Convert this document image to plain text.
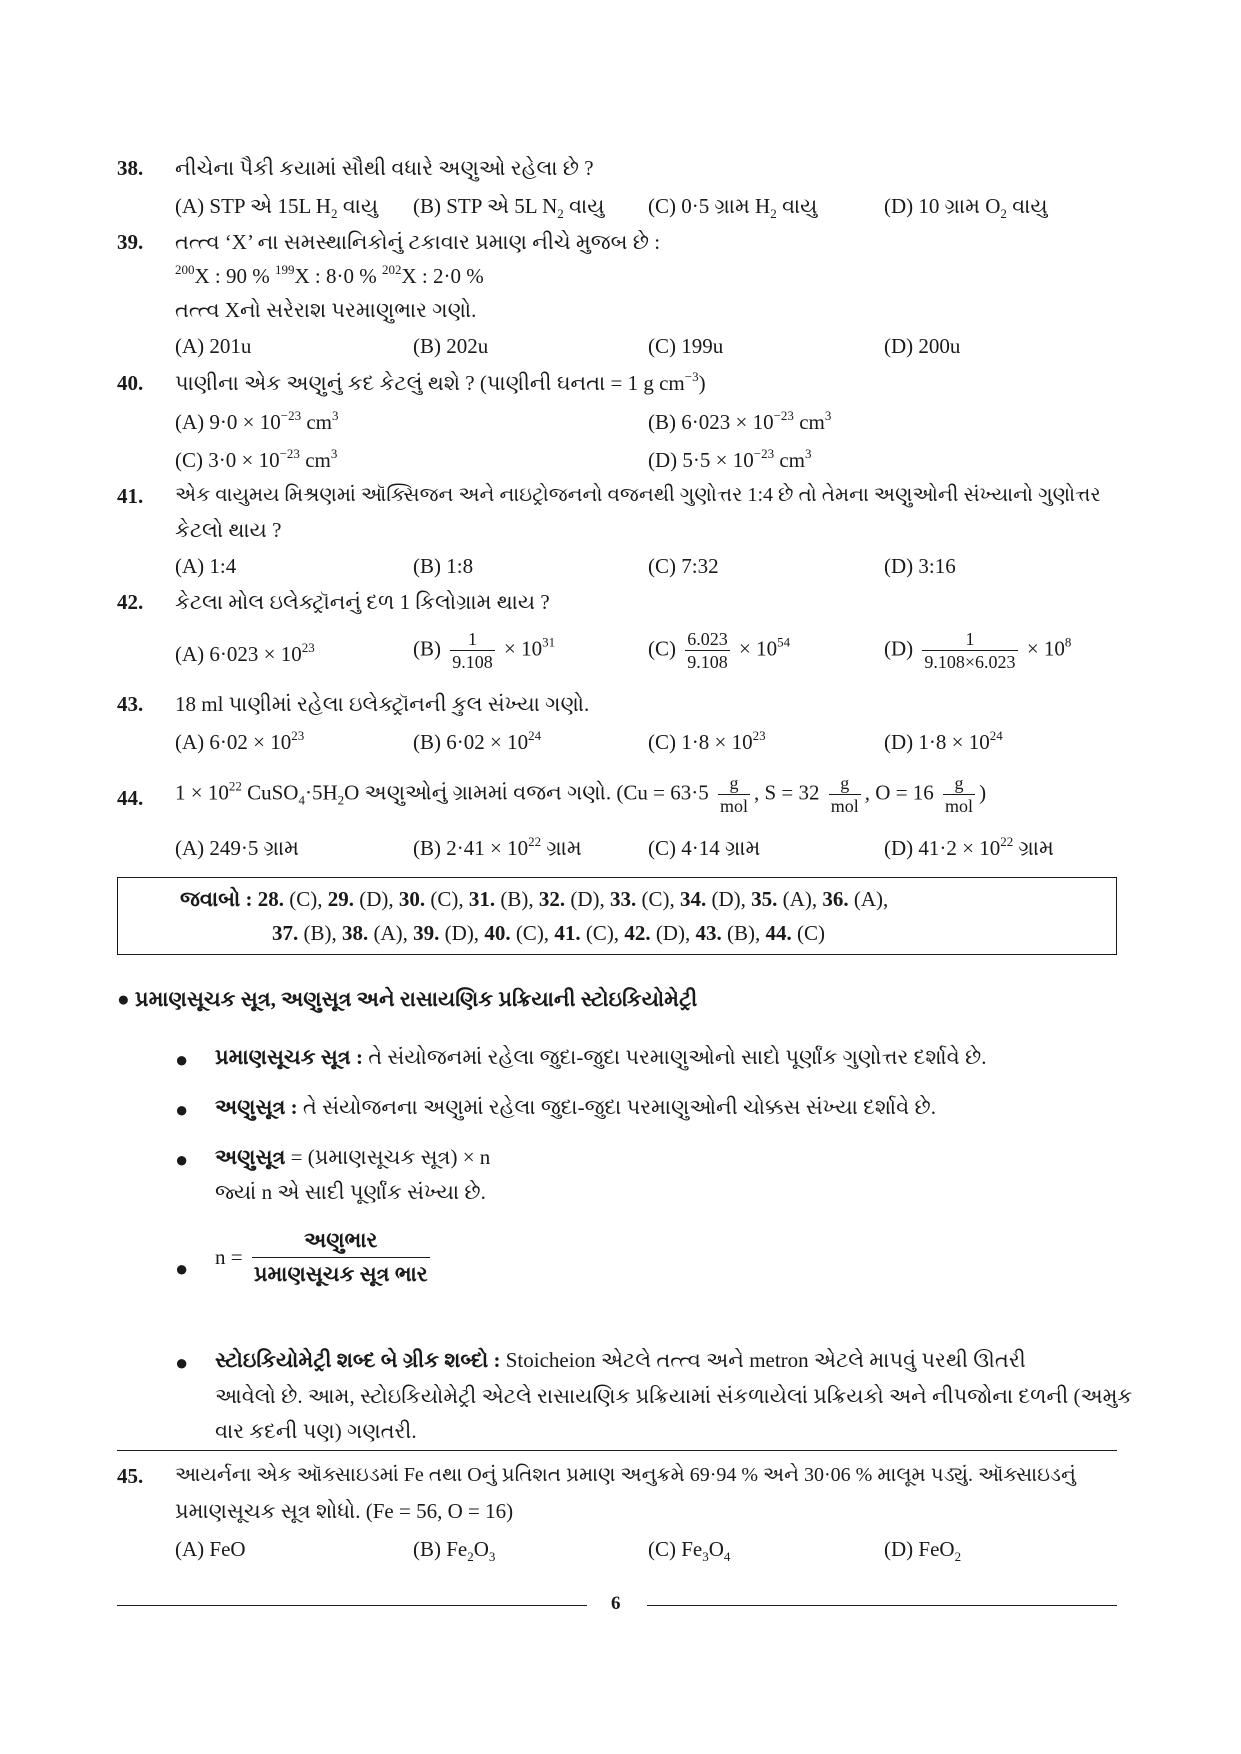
38. નીચેના પૈકી કયામાં સૌથી વધારે અણુઓ રહેલા છે ?
(A) STP એ 15L $H_2$ વાયુ (B) STP એ 5L $N_2$ વાયુ (C) 0·5 ગ્રામ $H_2$ વાયુ	(D) 10 ગ્રામ $O_2$ વાયુ
39. તત્ત્વ ‘X’ ના સમસ્થાનિકોનું ટકાવાર પ્રમાણ નીચે મુજબ છે :
$^{200}$X : 90 % $^{199}$X : 8·0 % $^{202}$X : 2·0 %
તત્ત્વ Xનો સરેરાશ પરમાણુભાર ગણો.
(A) 201u	(B) 202u	(C) 199u	(D) 200u
40. પાણીના એક અણુનું કદ કેટલું થશે ? (પાણીની ઘનતા = 1 g $cm^{-3}$)
(A) $9\cdot 0 \times 10^{-23}$ $cm^3$	(B) $6\cdot 023 \times 10^{-23}$ $cm^3$
(C) $3\cdot 0 \times 10^{-23}$ $cm^3$	(D) $5\cdot 5 \times 10^{-23}$ $cm^3$
41. એક વાયુમય મિશ્રણમાં ઑક્સિજન અને નાઇટ્રોજનનો વજનથી ગુણોત્તર 1:4 છે તો તેમના અણુઓની સંખ્યાનો ગુણોત્તર
કેટલો થાય ?
(A) 1:4	(B) 1:8	(C) 7:32	(D) 3:16
42. કેટલા મોલ ઇલેક્ટ્રૉનનું દળ 1 કિલોગ્રામ થાય ?
(A) $6\cdot 023 \times 10^{23}$	$(B) \frac{1}{9.108} \times 10^{31}$	$(C) \frac{6.023}{9.108} \times 10^{54}$	$(D) \frac{1}{9.108\times 6.023} \times 10^8$
43. 18 ml પાણીમાં રહેલા ઇલેક્ટ્રૉનની કુલ સંખ્યા ગણો.
(A) $6\cdot 02 \times 10^{23}$	(B) $6\cdot 02 \times 10^{24}$	(C) $1\cdot 8 \times 10^{23}$	(D) $1\cdot 8 \times 10^{24}$
44. $1 \times 10^{22}$ $CuSO_4\cdot 5H_2O$ અણુઓનું ગ્રામમાં વજન ગણો. ($Cu = 63\cdot 5 \frac{g}{\text{mol}}$ , $S = 32 \frac{g}{\text{mol}}$ , $O = 16 \frac{g}{\text{mol}}$ )
(A) 249·5 ગ્રામ	(B) $2\cdot 41 \times 10^{22}$ ગ્રામ	(C) 4·14 ગ્રામ	(D) $41\cdot 2 \times 10^{22}$ ગ્રામ
જવાબો : 28. (C), 29. (D), 30. (C), 31. (B), 32. (D), 33. (C), 34. (D), 35. (A), 36. (A),
37. (B), 38. (A), 39. (D), 40. (C), 41. (C), 42. (D), 43. (B), 44. (C)
● પ્રમાણસૂચક સૂત્ર, અણુસૂત્ર અને રાસાયણિક પ્રક્રિયાની સ્ટોઇકિયોમેટ્રી
● પ્રમાણસૂચક સૂત્ર : તે સંયોજનમાં રહેલા જુદા-જુદા પરમાણુઓનો સાદો પૂર્ણાંક ગુણોત્તર દર્શાવે છે.
● અણુસૂત્ર : તે સંયોજનના અણુમાં રહેલા જુદા-જુદા પરમાણુઓની ચોક્કસ સંખ્યા દર્શાવે છે.
● અણુસૂત્ર = (પ્રમાણસૂચક સૂત્ર) × n
જ્યાં n એ સાદી પૂર્ણાંક સંખ્યા છે.
● $n = \frac{\text{અણુભાર}}{\text{પ્રમાણસૂચક સૂત્ર ભાર}}$
● સ્ટોઇકિયોમેટ્રી શબ્દ બે ગ્રીક શબ્દો : Stoicheion એટલે તત્ત્વ અને metron એટલે માપવું પરથી ઊતરી
આવેલો છે. આમ, સ્ટોઇકિયોમેટ્રી એટલે રાસાયણિક પ્રક્રિયામાં સંકળાયેલાં પ્રક્રિયકો અને નીપજોના દળની (અમુક
વાર કદની પણ) ગણતરી.
45. આયર્નના એક ઑક્સાઇડમાં Fe તથા Oનું પ્રતિશત પ્રમાણ અનુક્રમે 69·94 % અને 30·06 % માલૂમ પડ્યું. ઑક્સાઇડનું
પ્રમાણસૂચક સૂત્ર શોધો. (Fe = 56, O = 16)
(A) FeO	(B) $Fe_2O_3$	(C) $Fe_3O_4$	(D) FeO$_2$
6
